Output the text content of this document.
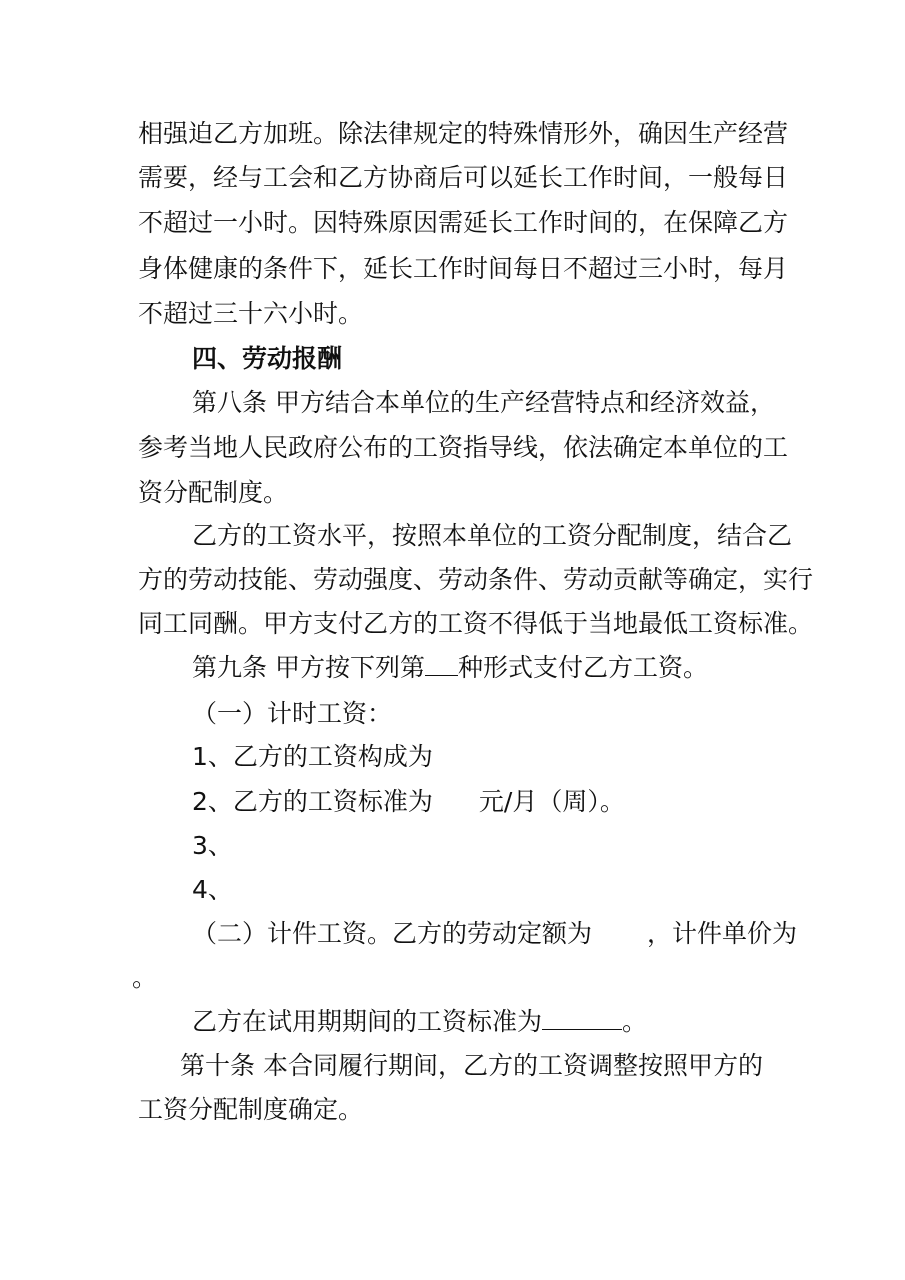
相强迫乙方加班。除法律规定的特殊情形外，确因生产经营
需要，经与工会和乙方协商后可以延长工作时间，一般每日
不超过一小时。因特殊原因需延长工作时间的，在保障乙方
身体健康的条件下，延长工作时间每日不超过三小时，每月
不超过三十六小时。
四、劳动报酬
第八条 甲方结合本单位的生产经营特点和经济效益，
参考当地人民政府公布的工资指导线，依法确定本单位的工
资分配制度。
乙方的工资水平，按照本单位的工资分配制度，结合乙
方的劳动技能、劳动强度、劳动条件、劳动贡献等确定，实行
同工同酬。甲方支付乙方的工资不得低于当地最低工资标准。
第九条 甲方按下列第 种形式支付乙方工资。
（一）计时工资：
1、乙方的工资构成为
2、乙方的工资标准为 元/月（周）。
3、
4、
（二）计件工资。乙方的劳动定额为 ，计件单价为
。
乙方在试用期期间的工资标准为	。
第十条 本合同履行期间，乙方的工资调整按照甲方的
工资分配制度确定。
